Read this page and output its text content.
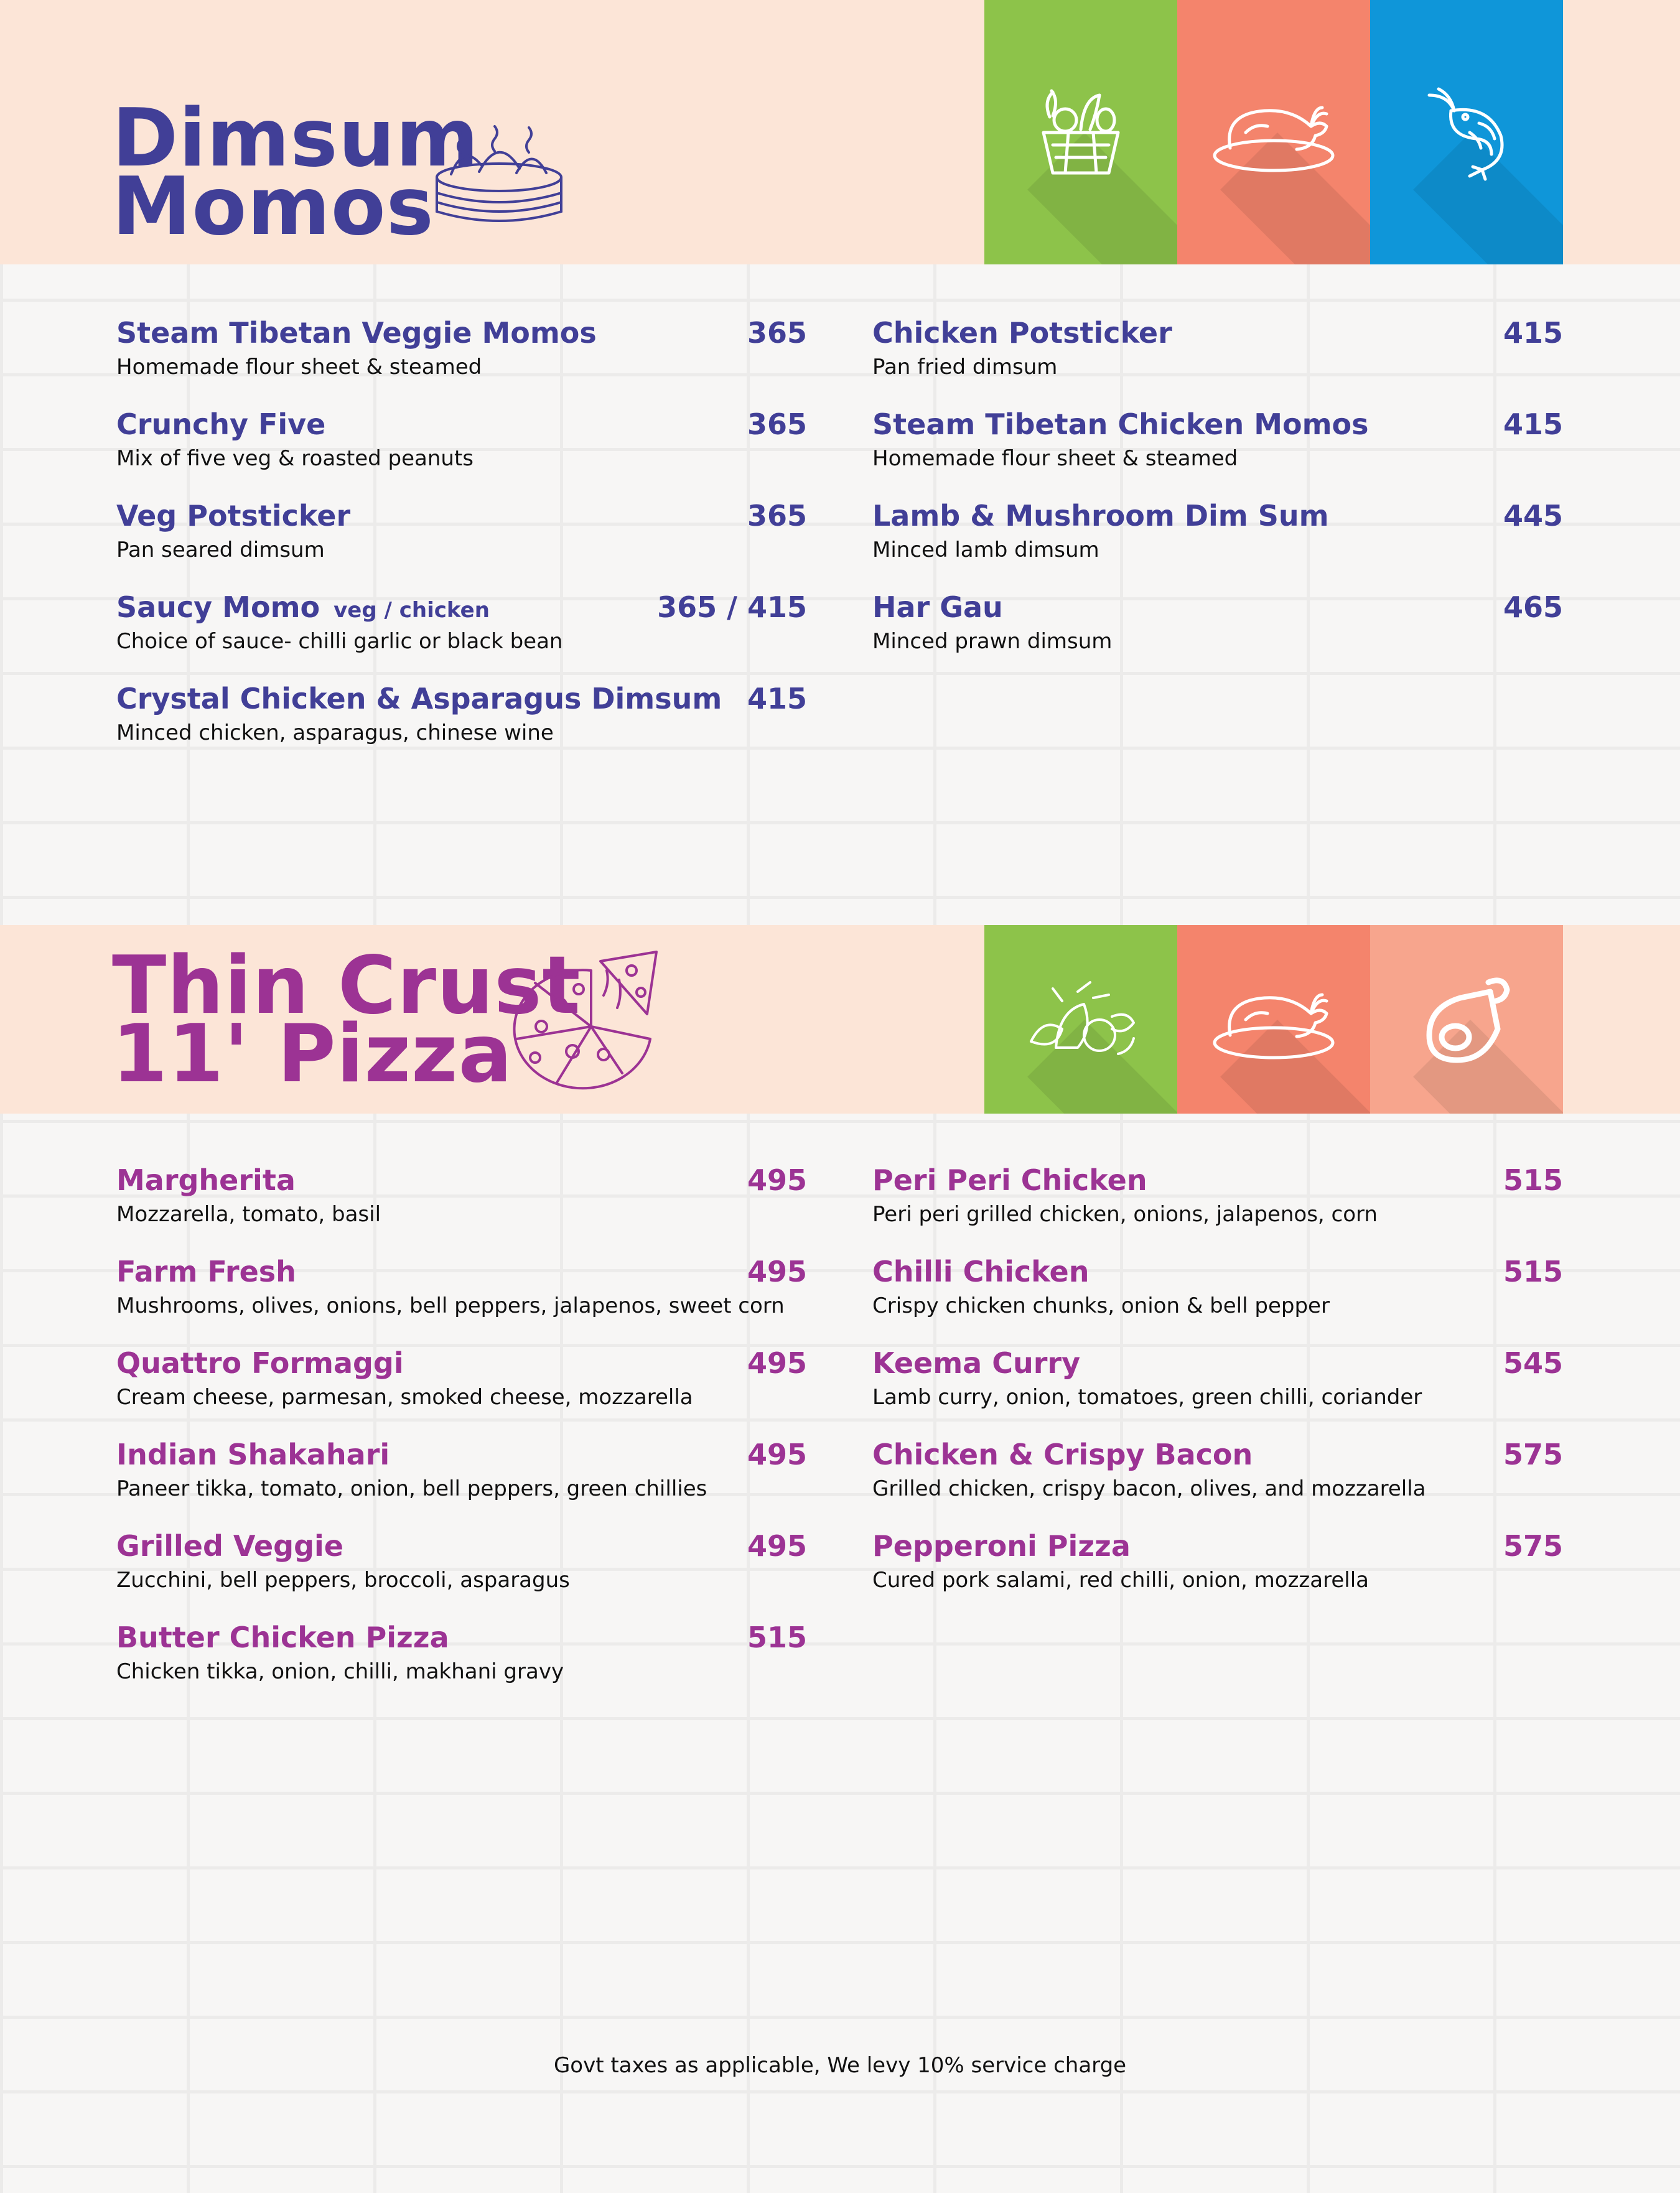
Dimsum
Momos
Steam Tibetan Veggie Momos	365
Homemade flour sheet & steamed
Crunchy Five	365
Mix of five veg & roasted peanuts
Veg Potsticker	365
Pan seared dimsum
Saucy Momo veg / chicken	365 / 415
Choice of sauce- chilli garlic or black bean
Crystal Chicken & Asparagus Dimsum 415
Minced chicken, asparagus, chinese wine
Chicken Potsticker	415
Pan fried dimsum
Steam Tibetan Chicken Momos	415
Homemade flour sheet & steamed
Lamb & Mushroom Dim Sum	445
Minced lamb dimsum
Har Gau	465
Minced prawn dimsum
Thin Crust
11' Pizza
Margherita	495
Mozzarella, tomato, basil
Farm Fresh	495
Mushrooms, olives, onions, bell peppers, jalapenos, sweet corn
Quattro Formaggi	495
Cream cheese, parmesan, smoked cheese, mozzarella
Indian Shakahari	495
Paneer tikka, tomato, onion, bell peppers, green chillies
Grilled Veggie	495
Zucchini, bell peppers, broccoli, asparagus
Butter Chicken Pizza	515
Chicken tikka, onion, chilli, makhani gravy
Peri Peri Chicken	515
Peri peri grilled chicken, onions, jalapenos, corn
Chilli Chicken	515
Crispy chicken chunks, onion & bell pepper
Keema Curry	545
Lamb curry, onion, tomatoes, green chilli, coriander
Chicken & Crispy Bacon	575
Grilled chicken, crispy bacon, olives, and mozzarella
Pepperoni Pizza	575
Cured pork salami, red chilli, onion, mozzarella
Govt taxes as applicable, We levy 10% service charge
